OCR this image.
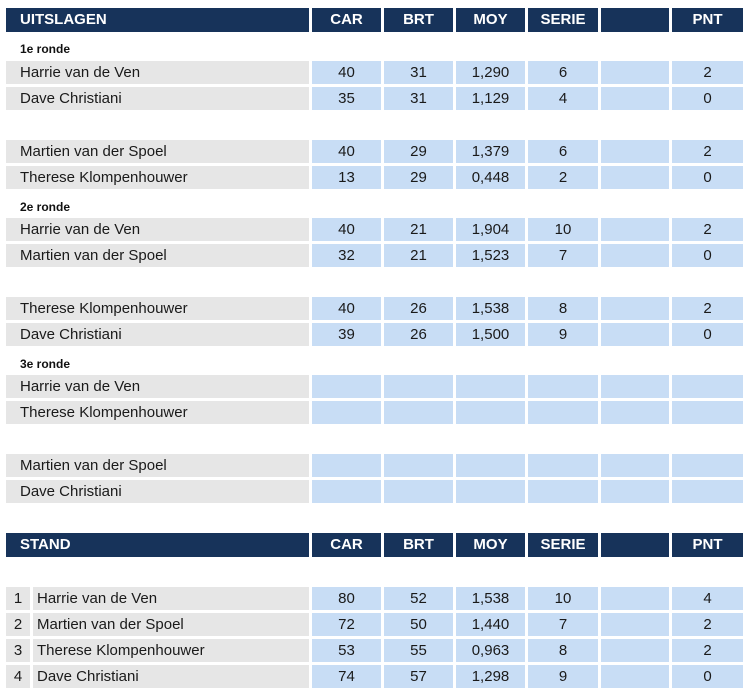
UITSLAGEN	CAR	BRT	MOY	SERIE	PNT
1e ronde
Harrie van de Ven	40	31	1,290	6	2
Dave Christiani	35	31	1,129	4	0
Martien van der Spoel	40	29	1,379	6	2
Therese Klompenhouwer	13	29	0,448	2	0
2e ronde
Harrie van de Ven	40	21	1,904	10	2
Martien van der Spoel	32	21	1,523	7	0
Therese Klompenhouwer	40	26	1,538	8	2
Dave Christiani	39	26	1,500	9	0
3e ronde
Harrie van de Ven
Therese Klompenhouwer
Martien van der Spoel
Dave Christiani
STAND	CAR	BRT	MOY	SERIE	PNT
1 Harrie van de Ven	80	52	1,538	10	4
2 Martien van der Spoel	72	50	1,440	7	2
3 Therese Klompenhouwer	53	55	0,963	8	2
4 Dave Christiani	74	57	1,298	9	0
